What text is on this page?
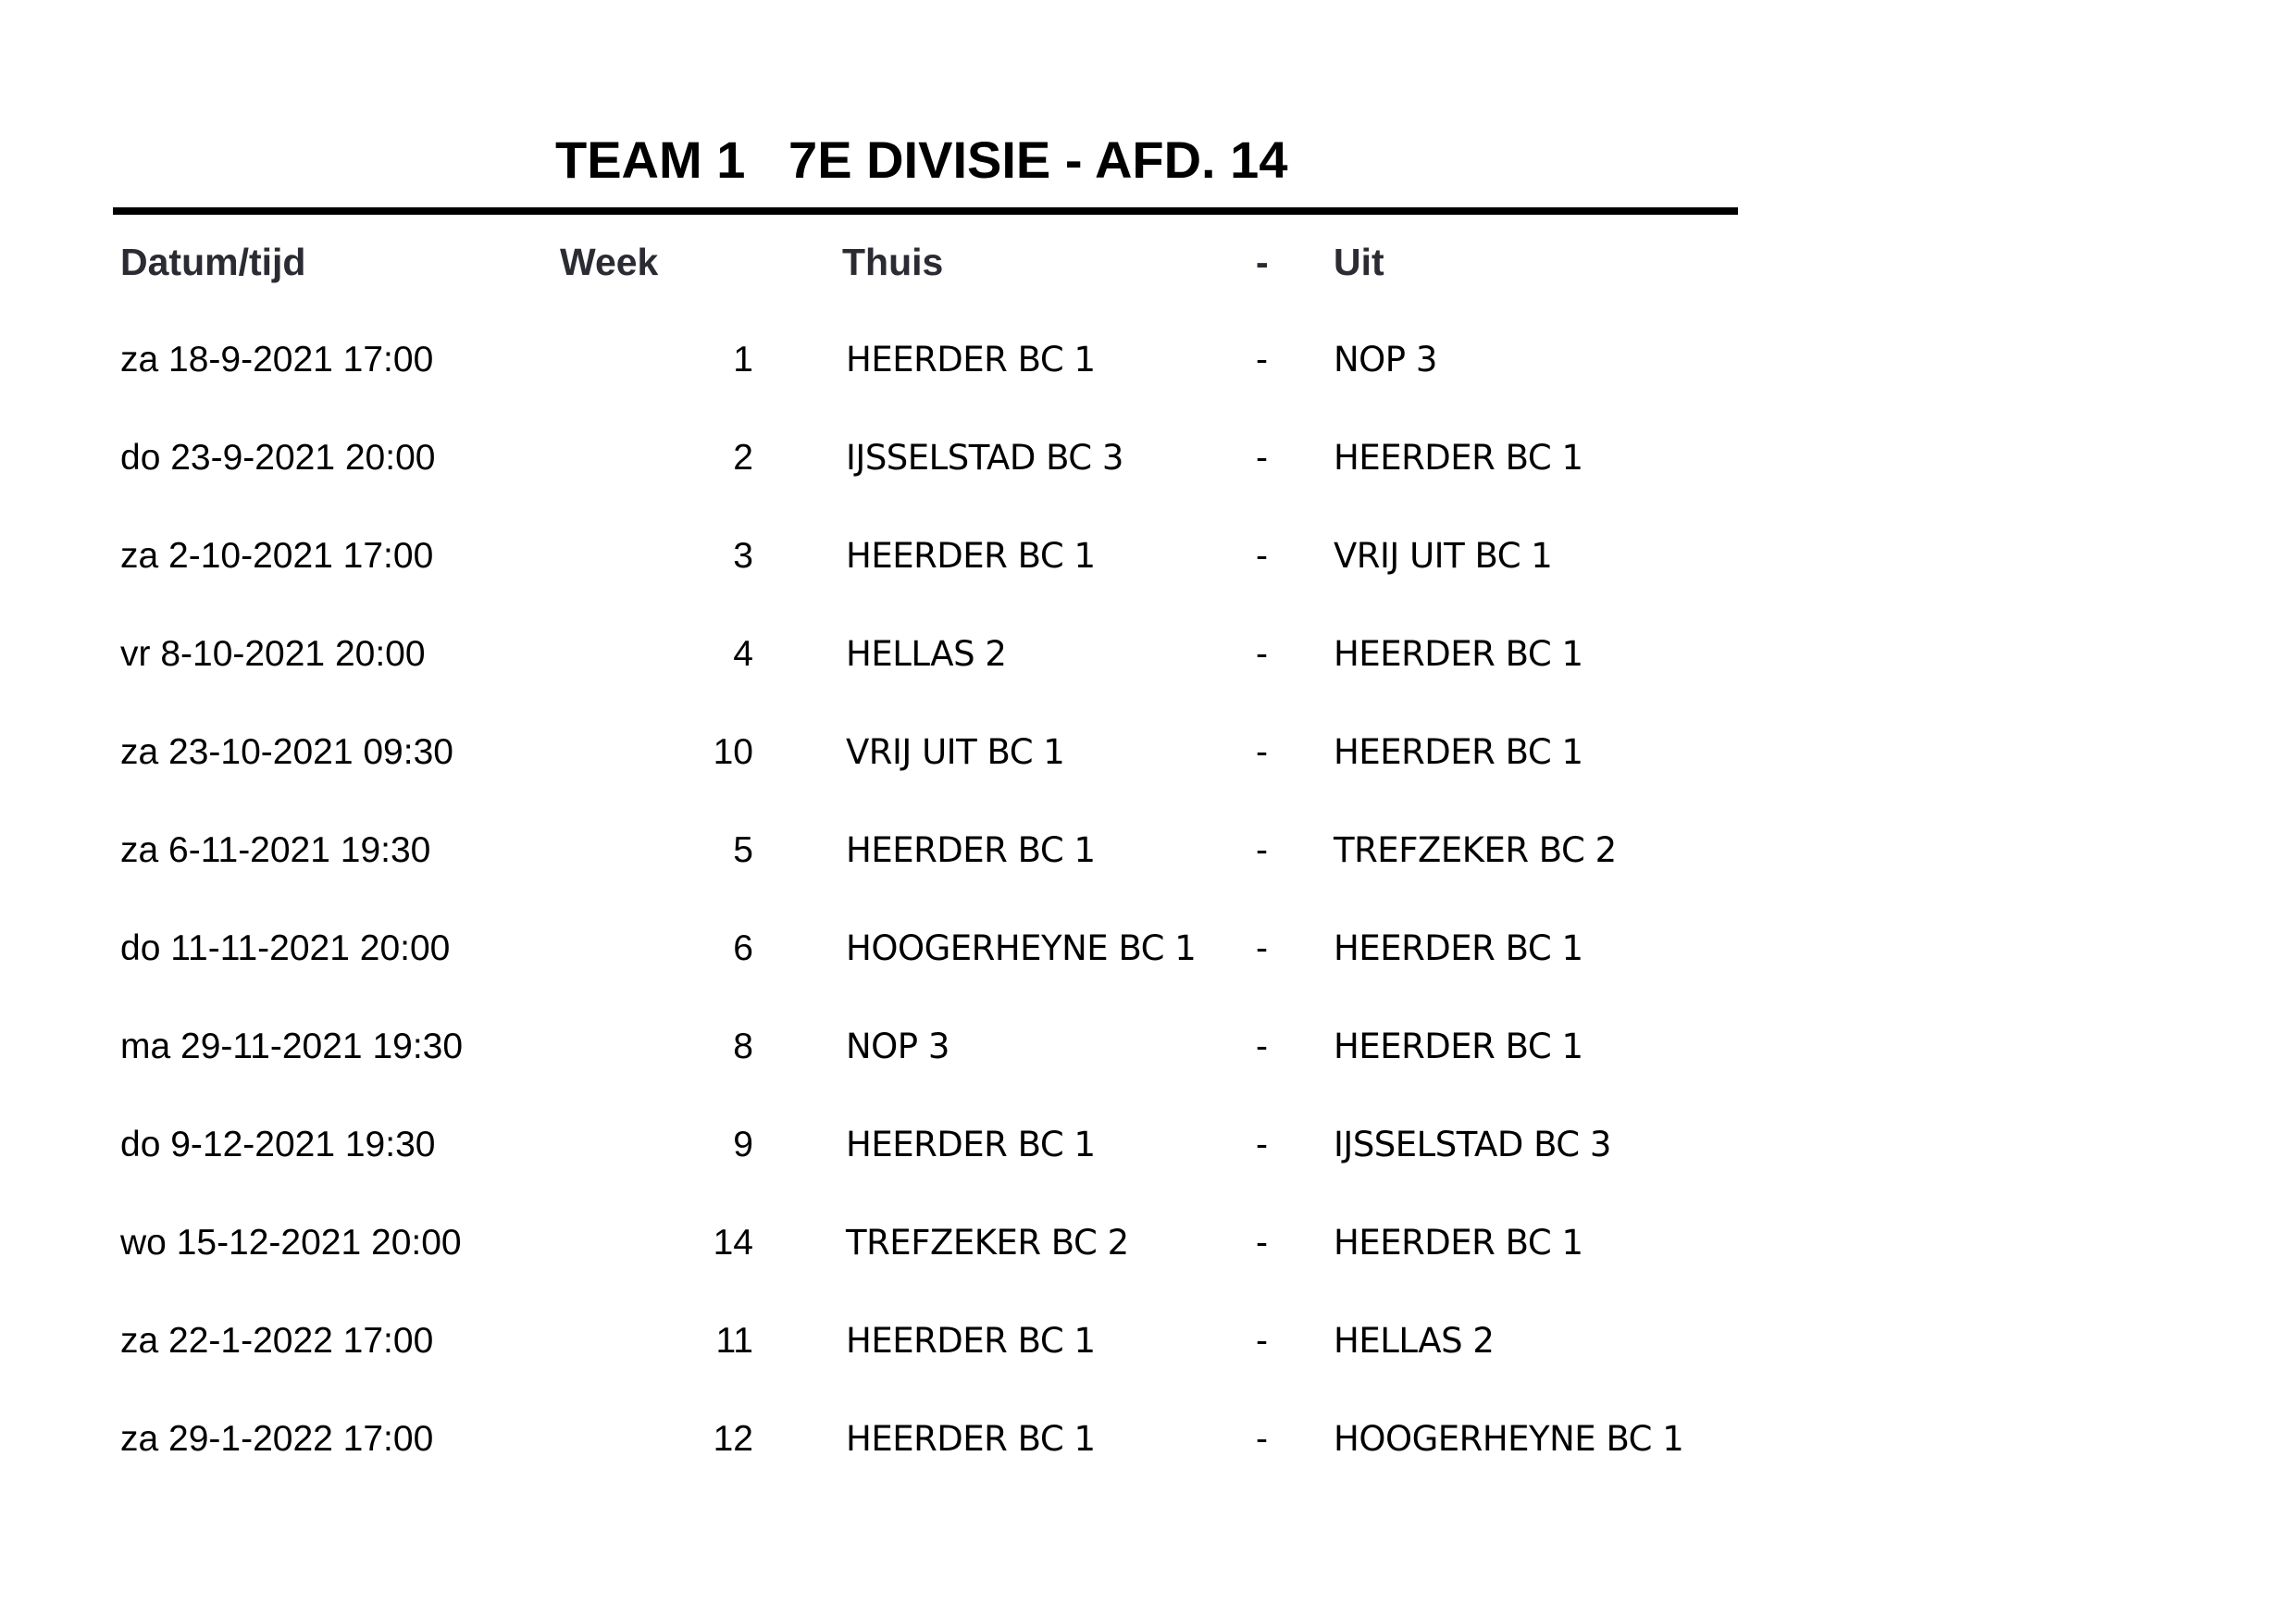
TEAM 1 7E DIVISIE - AFD. 14
Datum/tijd	Week	Thuis	- Uit
za 18-9-2021 17:00	1	HEERDER BC 1	- NOP 3
do 23-9-2021 20:00	2	IJSSELSTAD BC 3	- HEERDER BC 1
za 2-10-2021 17:00	3	HEERDER BC 1	- VRIJ UIT BC 1
vr 8-10-2021 20:00	4	HELLAS 2	- HEERDER BC 1
za 23-10-2021 09:30	10	VRIJ UIT BC 1	- HEERDER BC 1
za 6-11-2021 19:30	5	HEERDER BC 1	- TREFZEKER BC 2
do 11-11-2021 20:00	6	HOOGERHEYNE BC 1 - HEERDER BC 1
ma 29-11-2021 19:30	8	NOP 3	- HEERDER BC 1
do 9-12-2021 19:30	9	HEERDER BC 1	- IJSSELSTAD BC 3
wo 15-12-2021 20:00	14	TREFZEKER BC 2	- HEERDER BC 1
za 22-1-2022 17:00	11	HEERDER BC 1	- HELLAS 2
za 29-1-2022 17:00	12	HEERDER BC 1	- HOOGERHEYNE BC 1
